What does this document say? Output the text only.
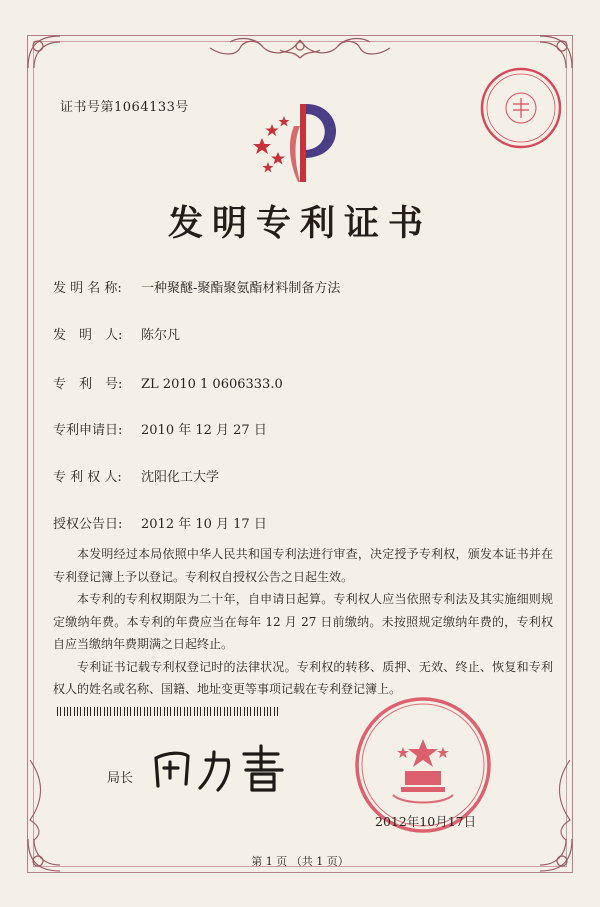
证书号第1064133号
发明专利证书
发 明 名 称: 一种聚醚-聚酯聚氨酯材料制备方法
发　明　人: 陈尔凡
专　利　号: ZL 2010 1 0606333.0
专利申请日: 2010 年 12 月 27 日
专 利 权 人: 沈阳化工大学
授权公告日: 2012 年 10 月 17 日

本发明经过本局依照中华人民共和国专利法进行审查，决定授予专利权，颁发本证书并在专利登记簿上予以登记。专利权自授权公告之日起生效。

本专利的专利权期限为二十年，自申请日起算。专利权人应当依照专利法及其实施细则规定缴纳年费。本专利的年费应当在每年 12 月 27 日前缴纳。未按照规定缴纳年费的，专利权自应当缴纳年费期满之日起终止。

专利证书记载专利权登记时的法律状况。专利权的转移、质押、无效、终止、恢复和专利权人的姓名或名称、国籍、地址变更等事项记载在专利登记簿上。

局长
2012年10月17日
第 1 页 （共 1 页）
